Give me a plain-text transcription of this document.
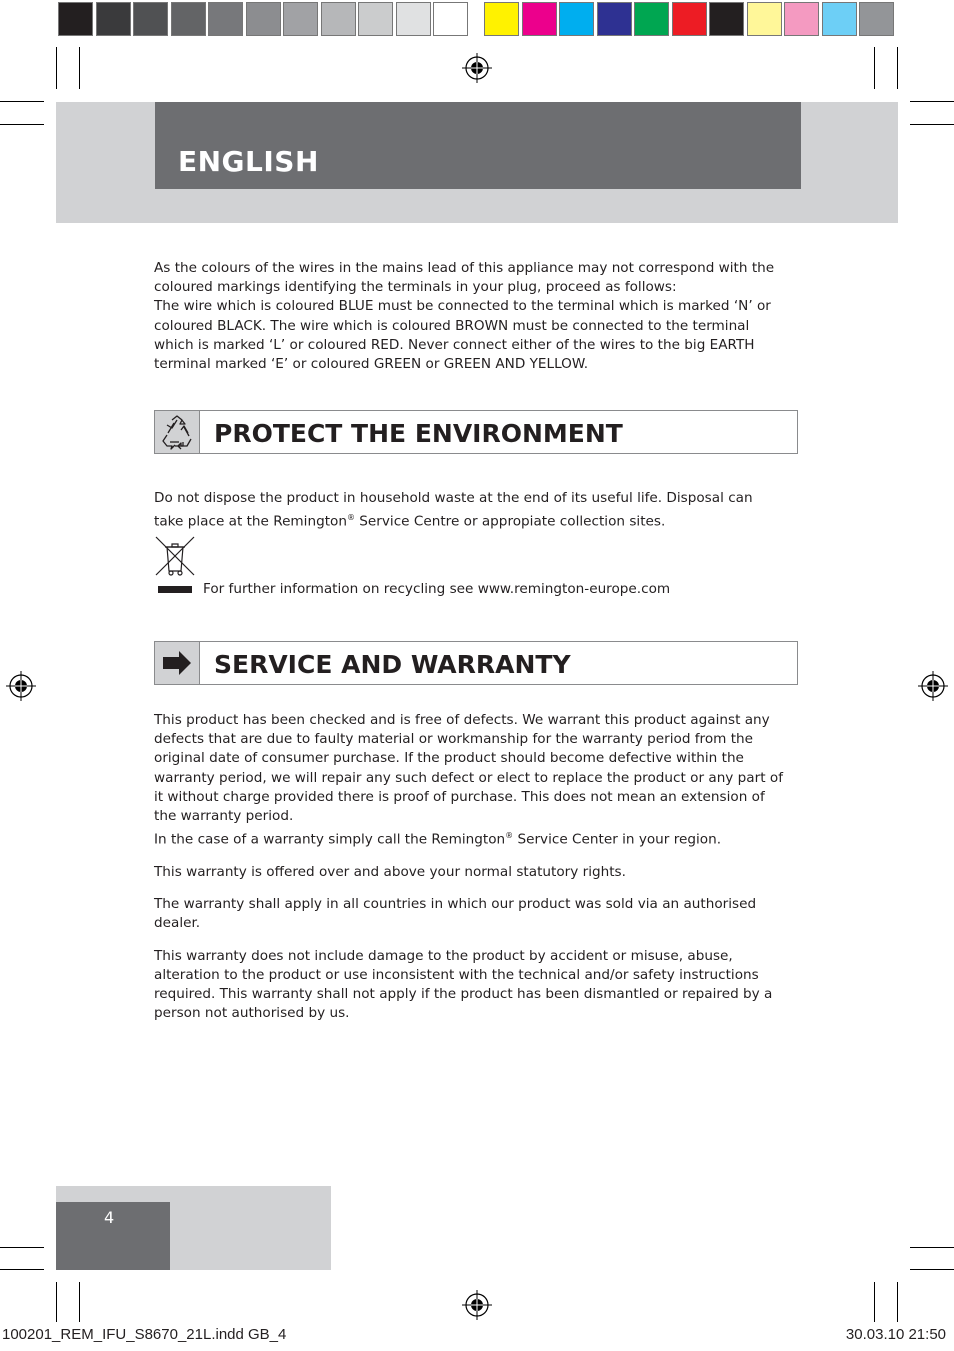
ENGLISH

As the colours of the wires in the mains lead of this appliance may not correspond with the coloured markings identifying the terminals in your plug, proceed as follows:

The wire which is coloured BLUE must be connected to the terminal which is marked ‘N’ or coloured BLACK. The wire which is coloured BROWN must be connected to the terminal which is marked ‘L’ or coloured RED. Never connect either of the wires to the big EARTH terminal marked ‘E’ or coloured GREEN or GREEN AND YELLOW.

PROTECT THE ENVIRONMENT

Do not dispose the product in household waste at the end of its useful life. Disposal can take place at the Remington® Service Centre or appropiate collection sites.

For further information on recycling see www.remington-europe.com
SERVICE AND WARRANTY

This product has been checked and is free of defects. We warrant this product against any defects that are due to faulty material or workmanship for the warranty period from the original date of consumer purchase. If the product should become defective within the warranty period, we will repair any such defect or elect to replace the product or any part of it without charge provided there is proof of purchase. This does not mean an extension of the warranty period.

In the case of a warranty simply call the Remington® Service Center in your region.

This warranty is offered over and above your normal statutory rights.

The warranty shall apply in all countries in which our product was sold via an authorised dealer.

This warranty does not include damage to the product by accident or misuse, abuse, alteration to the product or use inconsistent with the technical and/or safety instructions required. This warranty shall not apply if the product has been dismantled or repaired by a person not authorised by us.

4
100201_REM_IFU_S8670_21L.indd GB_4	30.03.10 21:50
